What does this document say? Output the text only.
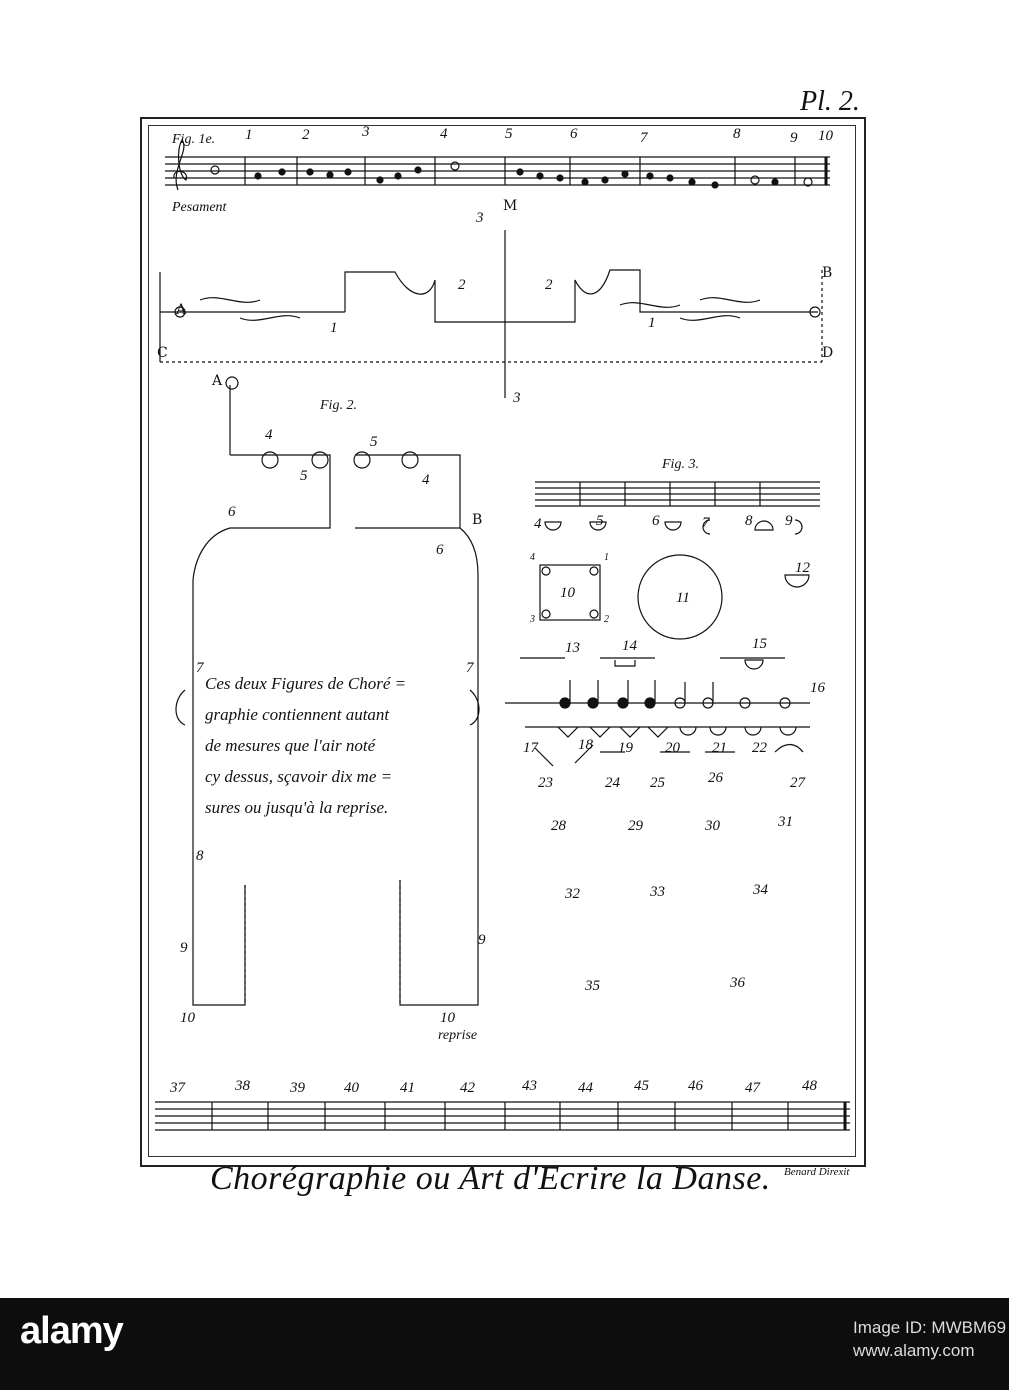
Pl. 2.
Fig. 1e. 1	2	3	4	5	6	7	8	9 10
Pesament
A
B
C	D
M
1
2	2
1
3
3
A
Fig. 2.
B
4
5
5
4
6
6
7	7
8
9	9
10	10
reprise
Ces deux Figures de Choré =
graphie contiennent autant
de mesures que l'air noté
cy dessus, sçavoir dix me =
sures ou jusqu'à la reprise.
Fig. 3.
4	5	6	7 8 9
10	11
12
13	14	15
16
17	18 19 20 21 22
23	24 25	26	27
28	29	30	31
32	33	34
35	36
4	1
3	2
37	38	39	40	41	42	43	44	45	46	47	48
Benard Direxit
Chorégraphie ou Art d'Ecrire la Danse.
alamy	Image ID: MWBM69
www.alamy.com
